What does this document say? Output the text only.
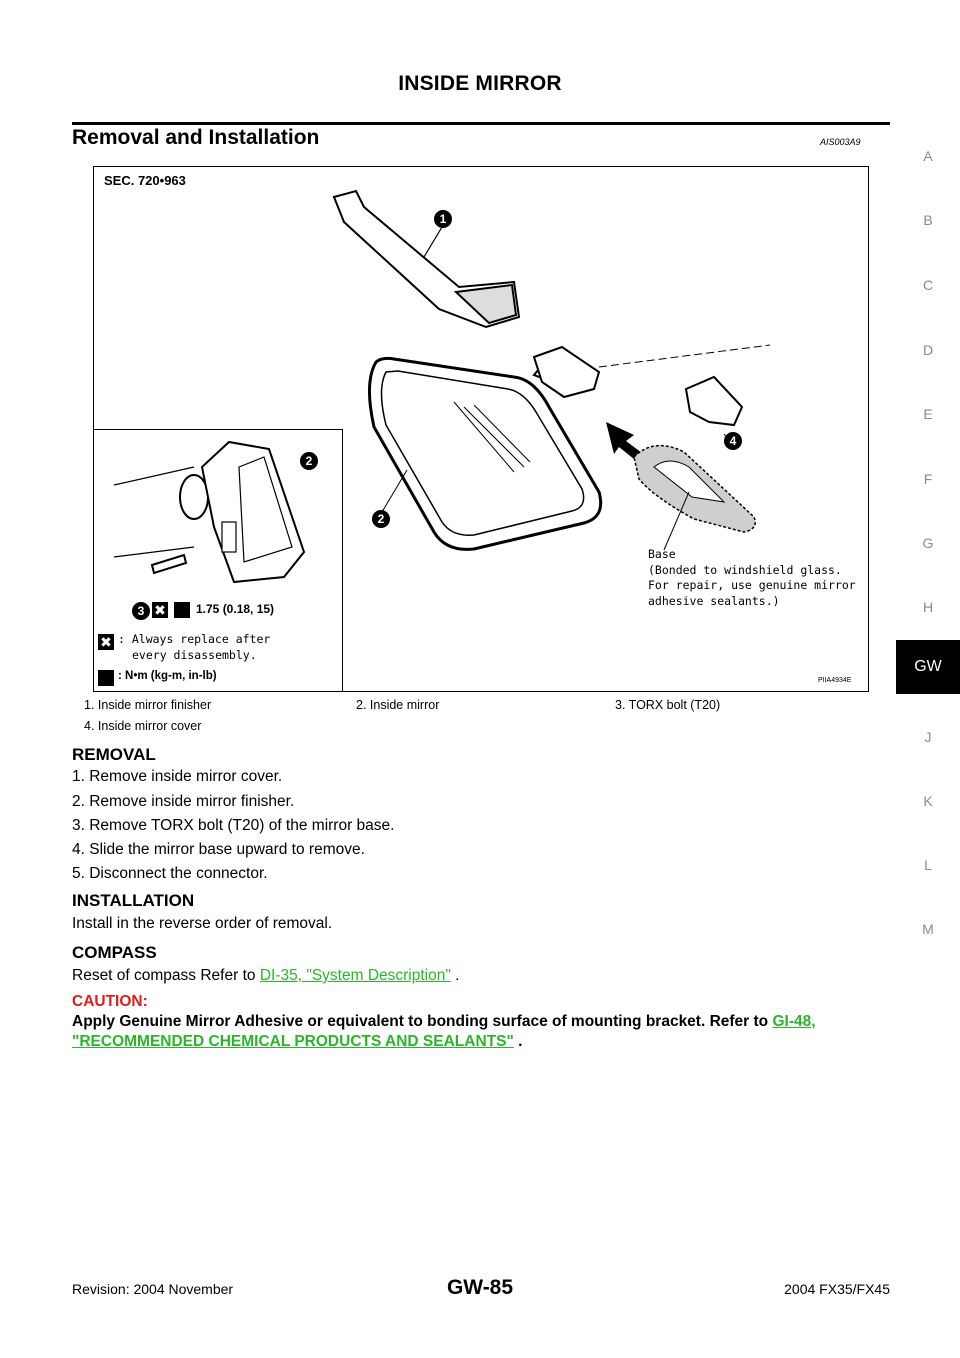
INSIDE MIRROR
Removal and Installation	AIS003A9
A
B
C
D
E
F
G
H
GW
J
K
L
M
SEC. 720•963
1
2
2
4
3 ✖	1.75 (0.18, 15)
✖ : Always replace after
every disassembly.
: N•m (kg-m, in-lb)
Base
(Bonded to windshield glass.
For repair, use genuine mirror
adhesive sealants.)
PIIA4934E
1. Inside mirror finisher	2. Inside mirror	3. TORX bolt (T20)
4. Inside mirror cover
REMOVAL
1. Remove inside mirror cover.
2. Remove inside mirror finisher.
3. Remove TORX bolt (T20) of the mirror base.
4. Slide the mirror base upward to remove.
5. Disconnect the connector.
INSTALLATION
Install in the reverse order of removal.
COMPASS
Reset of compass Refer to DI-35, "System Description" .
CAUTION:
Apply Genuine Mirror Adhesive or equivalent to bonding surface of mounting bracket. Refer to GI-48, "RECOMMENDED CHEMICAL PRODUCTS AND SEALANTS" .
Revision: 2004 November	GW-85	2004 FX35/FX45
